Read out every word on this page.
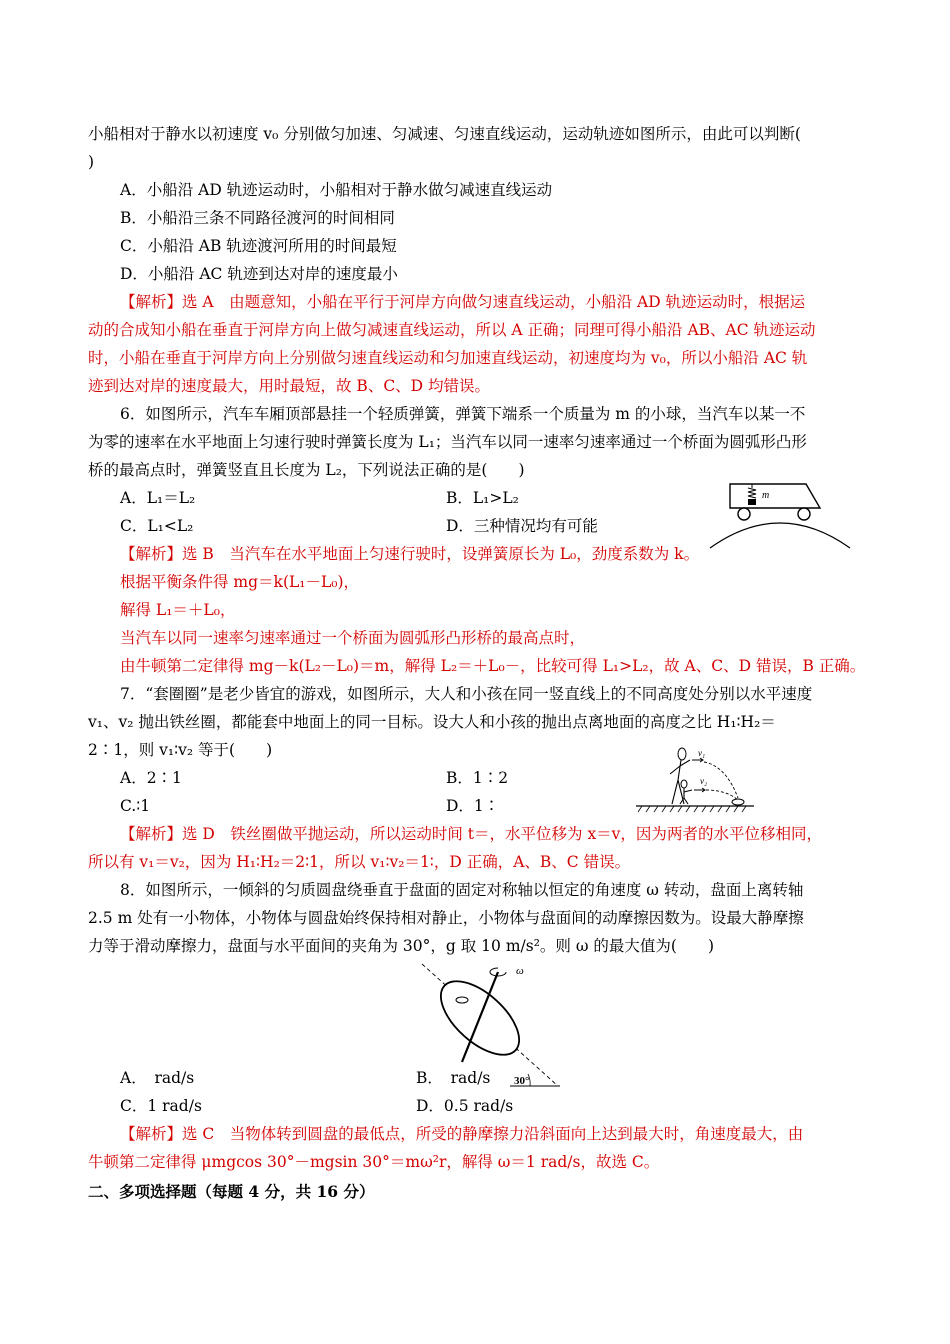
小船相对于静水以初速度 v₀ 分别做匀加速、匀减速、匀速直线运动，运动轨迹如图所示，由此可以判断(
)
A．小船沿 AD 轨迹运动时，小船相对于静水做匀减速直线运动
B．小船沿三条不同路径渡河的时间相同
C．小船沿 AB 轨迹渡河所用的时间最短
D．小船沿 AC 轨迹到达对岸的速度最小
【解析】选 A　由题意知，小船在平行于河岸方向做匀速直线运动，小船沿 AD 轨迹运动时，根据运
动的合成知小船在垂直于河岸方向上做匀减速直线运动，所以 A 正确；同理可得小船沿 AB、AC 轨迹运动
时，小船在垂直于河岸方向上分别做匀速直线运动和匀加速直线运动，初速度均为 v₀，所以小船沿 AC 轨
迹到达对岸的速度最大，用时最短，故 B、C、D 均错误。
6．如图所示，汽车车厢顶部悬挂一个轻质弹簧，弹簧下端系一个质量为 m 的小球，当汽车以某一不
为零的速率在水平地面上匀速行驶时弹簧长度为 L₁；当汽车以同一速率匀速率通过一个桥面为圆弧形凸形
桥的最高点时，弹簧竖直且长度为 L₂，下列说法正确的是(　　)
A．L₁＝L₂	B．L₁>L₂
C．L₁<L₂	D．三种情况均有可能
m
【解析】选 B　当汽车在水平地面上匀速行驶时，设弹簧原长为 L₀，劲度系数为 k。
根据平衡条件得 mg＝k(L₁－L₀)，
解得 L₁＝＋L₀，
当汽车以同一速率匀速率通过一个桥面为圆弧形凸形桥的最高点时，
由牛顿第二定律得 mg－k(L₂－L₀)＝m，解得 L₂＝＋L₀－，比较可得 L₁>L₂，故 A、C、D 错误，B 正确。
7．“套圈圈”是老少皆宜的游戏，如图所示，大人和小孩在同一竖直线上的不同高度处分别以水平速度
v₁、v₂ 抛出铁丝圈，都能套中地面上的同一目标。设大人和小孩的抛出点离地面的高度之比 H₁∶H₂＝
2∶1，则 v₁∶v₂ 等于(　　)
A．2∶1	B．1∶2
C.∶1	D．1∶
v₁
v₂
【解析】选 D　铁丝圈做平抛运动，所以运动时间 t＝，水平位移为 x＝v，因为两者的水平位移相同，
所以有 v₁＝v₂，因为 H₁∶H₂＝2∶1，所以 v₁∶v₂＝1∶，D 正确，A、B、C 错误。
8．如图所示，一倾斜的匀质圆盘绕垂直于盘面的固定对称轴以恒定的角速度 ω 转动，盘面上离转轴
2.5 m 处有一小物体，小物体与圆盘始终保持相对静止，小物体与盘面间的动摩擦因数为。设最大静摩擦
力等于滑动摩擦力，盘面与水平面间的夹角为 30°，g 取 10 m/s²。则 ω 的最大值为(　　)
30°
ω
A．　rad/s	B．　rad/s
C．1 rad/s	D．0.5 rad/s
【解析】选 C　当物体转到圆盘的最低点，所受的静摩擦力沿斜面向上达到最大时，角速度最大，由
牛顿第二定律得 μmgcos 30°－mgsin 30°＝mω²r，解得 ω＝1 rad/s，故选 C。
二、多项选择题（每题 4 分，共 16 分）
